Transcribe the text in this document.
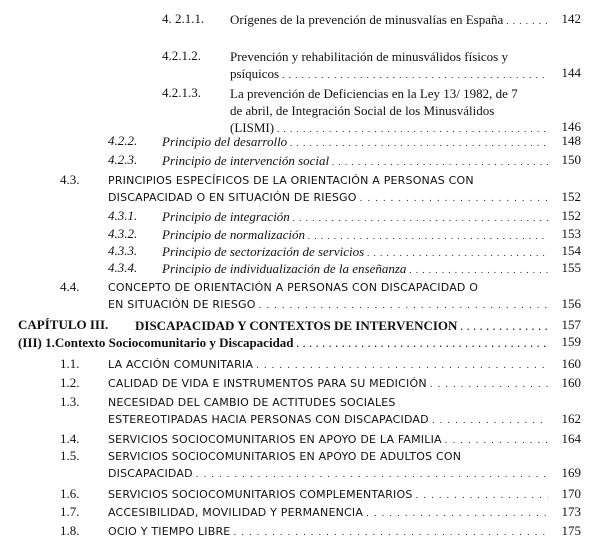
4. 2.1.1. Orígenes de la prevención de minusvalías en España . . .	142
4.2.1.2. Prevención y rehabilitación de minusválidos físicos y
psíquicos . . .	144
4.2.1.3. La prevención de Deficiencias en la Ley 13/ 1982, de 7
de abril, de Integración Social de los Minusválidos
(LISMI) . . .	146
4.2.2. Principio del desarrollo . . .	148
4.2.3. Principio de intervención social . . .	150
4.3.	PRINCIPIOS ESPECÍFICOS DE LA ORIENTACIÓN A PERSONAS CON
DISCAPACIDAD O EN SITUACIÓN DE RIESGO . . .	152
4.3.1. Principio de integración . . .	152
4.3.2. Principio de normalización . . .	153
4.3.3. Principio de sectorización de servicios . . .	154
4.3.4. Principio de individualización de la enseñanza . . .	155
4.4.	CONCEPTO DE ORIENTACIÓN A PERSONAS CON DISCAPACIDAD O
EN SITUACIÓN DE RIESGO . . .	156
CAPÍTULO III. DISCAPACIDAD Y CONTEXTOS DE INTERVENCION . . .	157
(III) 1.Contexto Sociocomunitario y Discapacidad . . .	159
1.1.	LA ACCIÓN COMUNITARIA . . .	160
1.2.	CALIDAD DE VIDA E INSTRUMENTOS PARA SU MEDICIÓN . . .	160
1.3.	NECESIDAD DEL CAMBIO DE ACTITUDES SOCIALES
ESTEREOTIPADAS HACIA PERSONAS CON DISCAPACIDAD . . .	162
1.4.	SERVICIOS SOCIOCOMUNITARIOS EN APOYO DE LA FAMILIA . . .	164
1.5.	SERVICIOS SOCIOCOMUNITARIOS EN APOYO DE ADULTOS CON
DISCAPACIDAD . . .	169
1.6.	SERVICIOS SOCIOCOMUNITARIOS COMPLEMENTARIOS . . .	170
1.7.	ACCESIBILIDAD, MOVILIDAD Y PERMANENCIA . . .	173
1.8.	OCIO Y TIEMPO LIBRE . . .	175
